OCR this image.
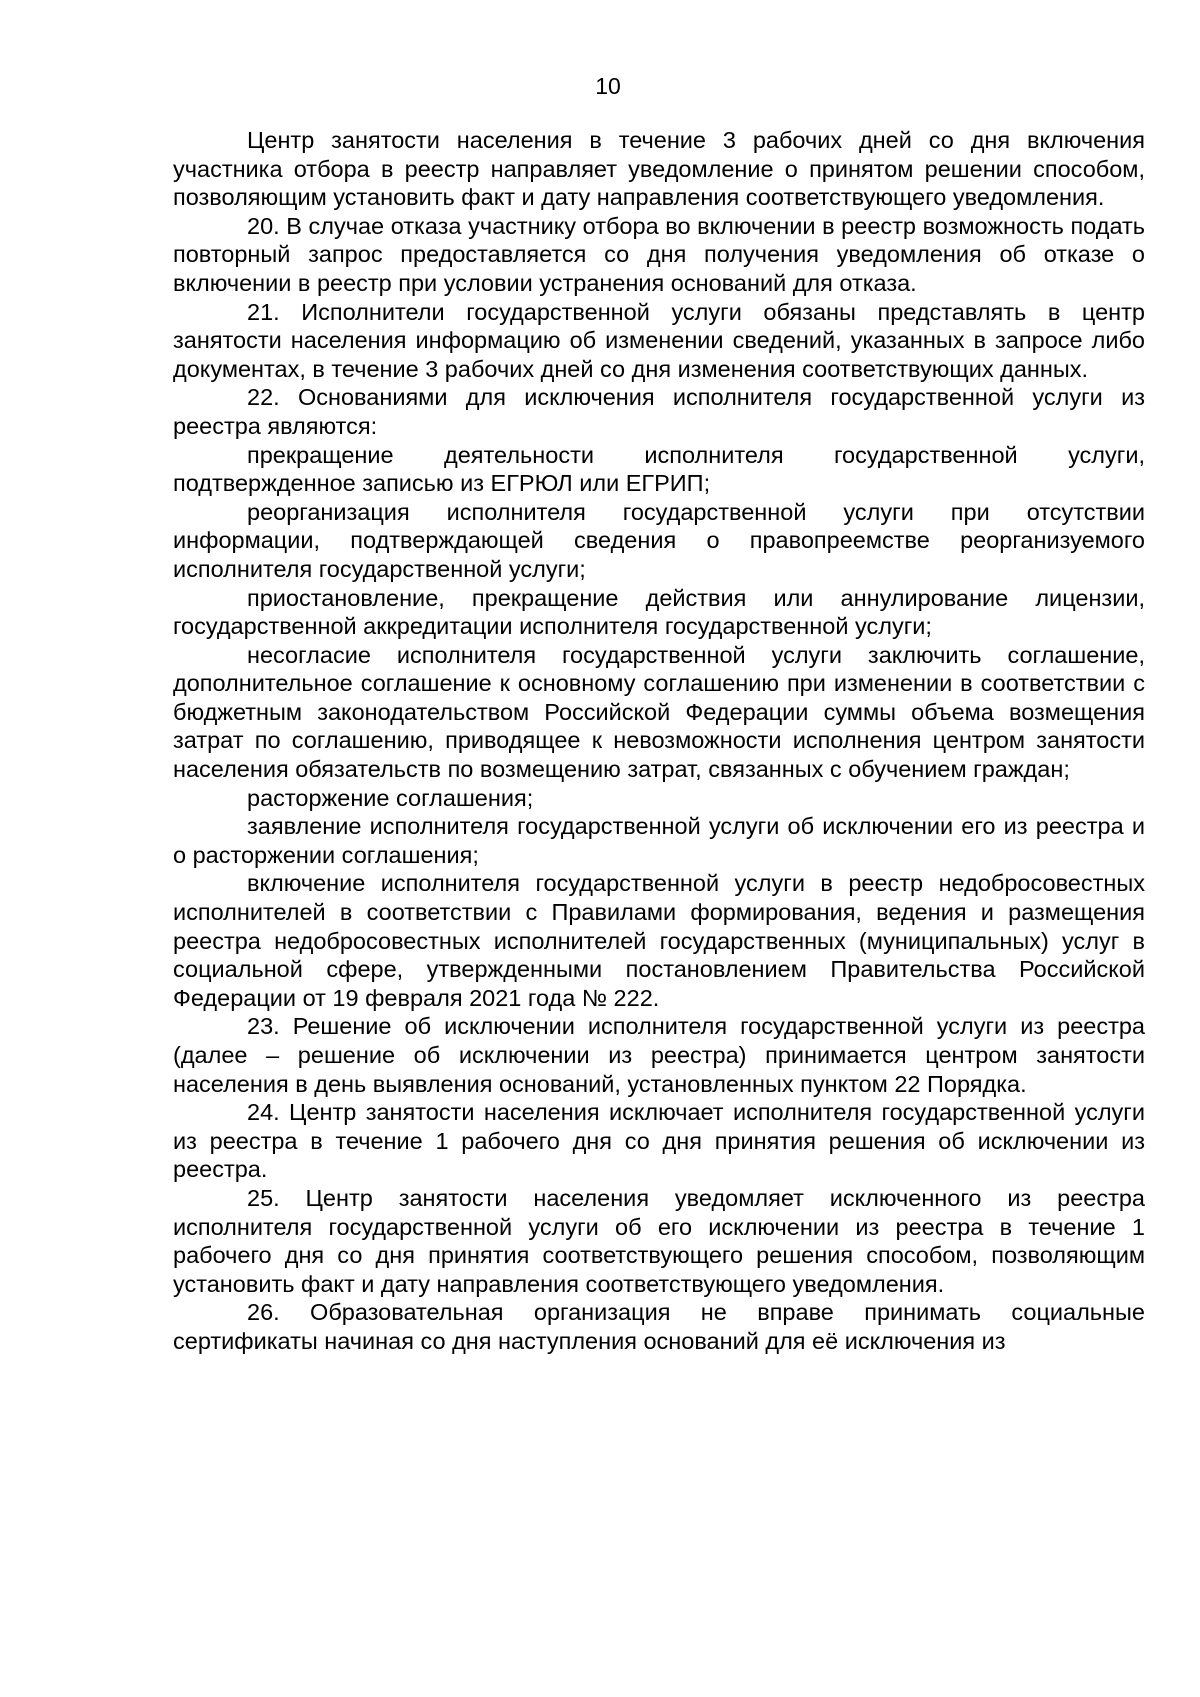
10

Центр занятости населения в течение 3 рабочих дней со дня включения участника отбора в реестр направляет уведомление о принятом решении способом, позволяющим установить факт и дату направления соответствующего уведомления.

20. В случае отказа участнику отбора во включении в реестр возможность подать повторный запрос предоставляется со дня получения уведомления об отказе о включении в реестр при условии устранения оснований для отказа.

21. Исполнители государственной услуги обязаны представлять в центр занятости населения информацию об изменении сведений, указанных в запросе либо документах, в течение 3 рабочих дней со дня изменения соответствующих данных.

22. Основаниями для исключения исполнителя государственной услуги из реестра являются:

прекращение деятельности исполнителя государственной услуги, подтвержденное записью из ЕГРЮЛ или ЕГРИП;

реорганизация исполнителя государственной услуги при отсутствии информации, подтверждающей сведения о правопреемстве реорганизуемого исполнителя государственной услуги;

приостановление, прекращение действия или аннулирование лицензии, государственной аккредитации исполнителя государственной услуги;

несогласие исполнителя государственной услуги заключить соглашение, дополнительное соглашение к основному соглашению при изменении в соответствии с бюджетным законодательством Российской Федерации суммы объема возмещения затрат по соглашению, приводящее к невозможности исполнения центром занятости населения обязательств по возмещению затрат, связанных с обучением граждан;

расторжение соглашения;

заявление исполнителя государственной услуги об исключении его из реестра и о расторжении соглашения;

включение исполнителя государственной услуги в реестр недобросовестных исполнителей в соответствии с Правилами формирования, ведения и размещения реестра недобросовестных исполнителей государственных (муниципальных) услуг в социальной сфере, утвержденными постановлением Правительства Российской Федерации от 19 февраля 2021 года № 222.

23. Решение об исключении исполнителя государственной услуги из реестра (далее – решение об исключении из реестра) принимается центром занятости населения в день выявления оснований, установленных пунктом 22 Порядка.

24. Центр занятости населения исключает исполнителя государственной услуги из реестра в течение 1 рабочего дня со дня принятия решения об исключении из реестра.

25. Центр занятости населения уведомляет исключенного из реестра исполнителя государственной услуги об его исключении из реестра в течение 1 рабочего дня со дня принятия соответствующего решения способом, позволяющим установить факт и дату направления соответствующего уведомления.

26. Образовательная организация не вправе принимать социальные сертификаты начиная со дня наступления оснований для её исключения из
